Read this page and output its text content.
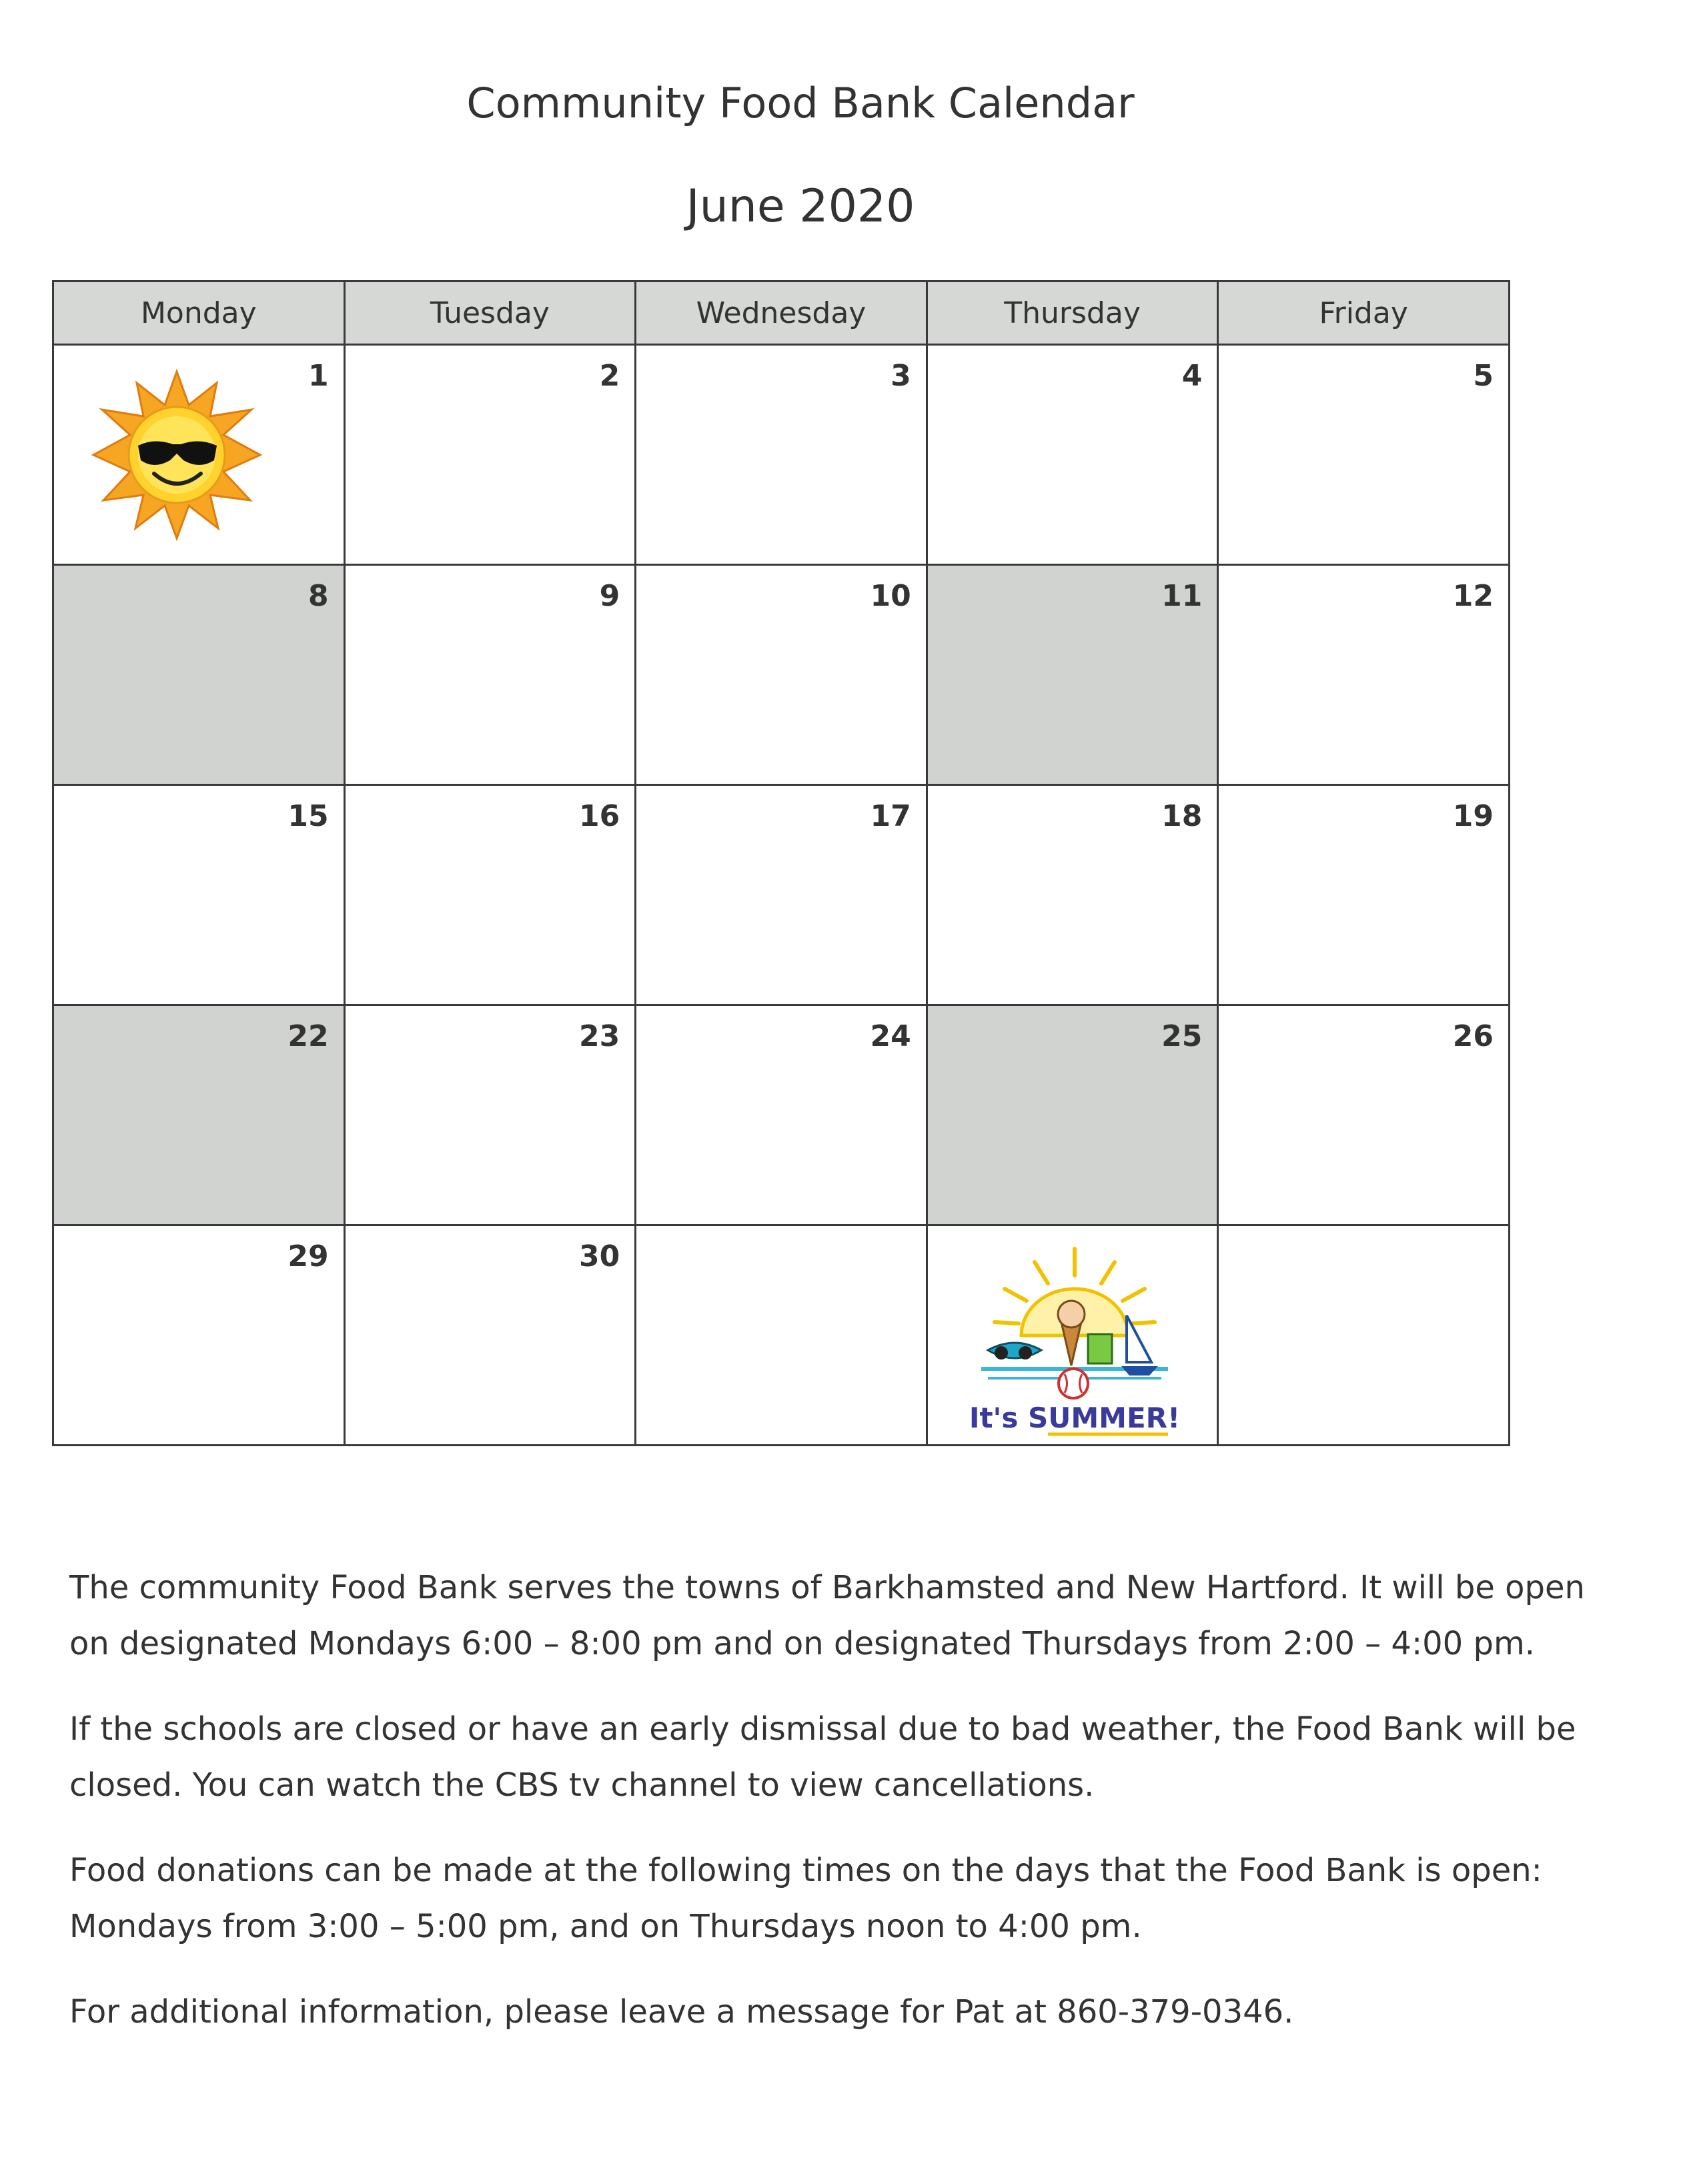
Community Food Bank Calendar
June 2020
Monday	Tuesday	Wednesday	Thursday	Friday
1	2	3	4	5
8	9	10	11	12
15	16	17	18	19
22	23	24	25	26
29	30		It's SUMMER!	

The community Food Bank serves the towns of Barkhamsted and New Hartford. It will be open on designated Mondays 6:00 – 8:00 pm and on designated Thursdays from 2:00 – 4:00 pm.

If the schools are closed or have an early dismissal due to bad weather, the Food Bank will be closed. You can watch the CBS tv channel to view cancellations.

Food donations can be made at the following times on the days that the Food Bank is open: Mondays from 3:00 – 5:00 pm, and on Thursdays noon to 4:00 pm.

For additional information, please leave a message for Pat at 860-379-0346.
